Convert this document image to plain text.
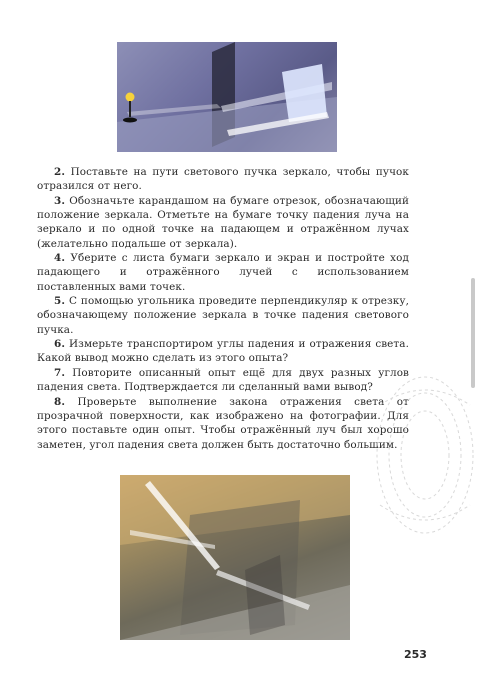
2. Поставьте на пути светового пучка зеркало, чтобы пучок отразился от него.

3. Обозначьте карандашом на бумаге отрезок, обозначающий положение зеркала. Отметьте на бумаге точку падения луча на зеркало и по одной точке на падающем и отражённом лучах (желательно подальше от зеркала).

4. Уберите с листа бумаги зеркало и экран и постройте ход падающего и отражённого лучей с использованием поставленных вами точек.

5. С помощью угольника проведите перпендикуляр к отрезку, обозначающему положение зеркала в точке падения светового пучка.

6. Измерьте транспортиром углы падения и отражения света. Какой вывод можно сделать из этого опыта?

7. Повторите описанный опыт ещё для двух разных углов падения света. Подтверждается ли сделанный вами вывод?

8. Проверьте выполнение закона отражения света от прозрачной поверхности, как изображено на фотографии. Для этого поставьте один опыт. Чтобы отражённый луч был хорошо заметен, угол падения света должен быть достаточно большим.

253
